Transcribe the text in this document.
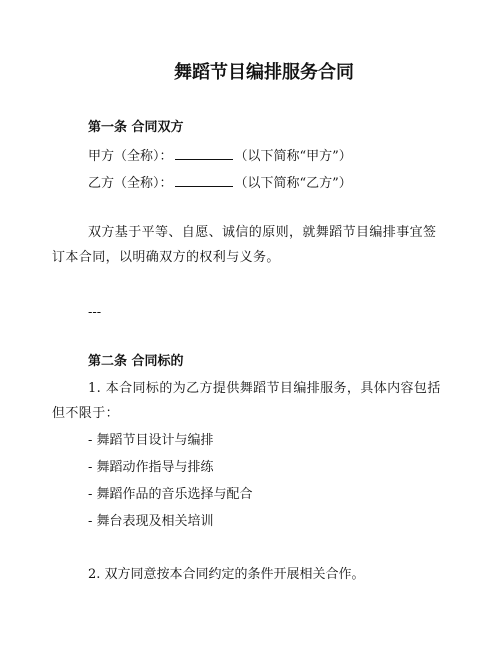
舞蹈节目编排服务合同

第一条 合同双方

甲方（全称）：	（以下简称“甲方”）

乙方（全称）：	（以下简称“乙方”）

双方基于平等、自愿、诚信的原则，就舞蹈节目编排事宜签订本合同，以明确双方的权利与义务。

---

第二条 合同标的

1. 本合同标的为乙方提供舞蹈节目编排服务，具体内容包括但不限于：

- 舞蹈节目设计与编排

- 舞蹈动作指导与排练

- 舞蹈作品的音乐选择与配合

- 舞台表现及相关培训

2. 双方同意按本合同约定的条件开展相关合作。
